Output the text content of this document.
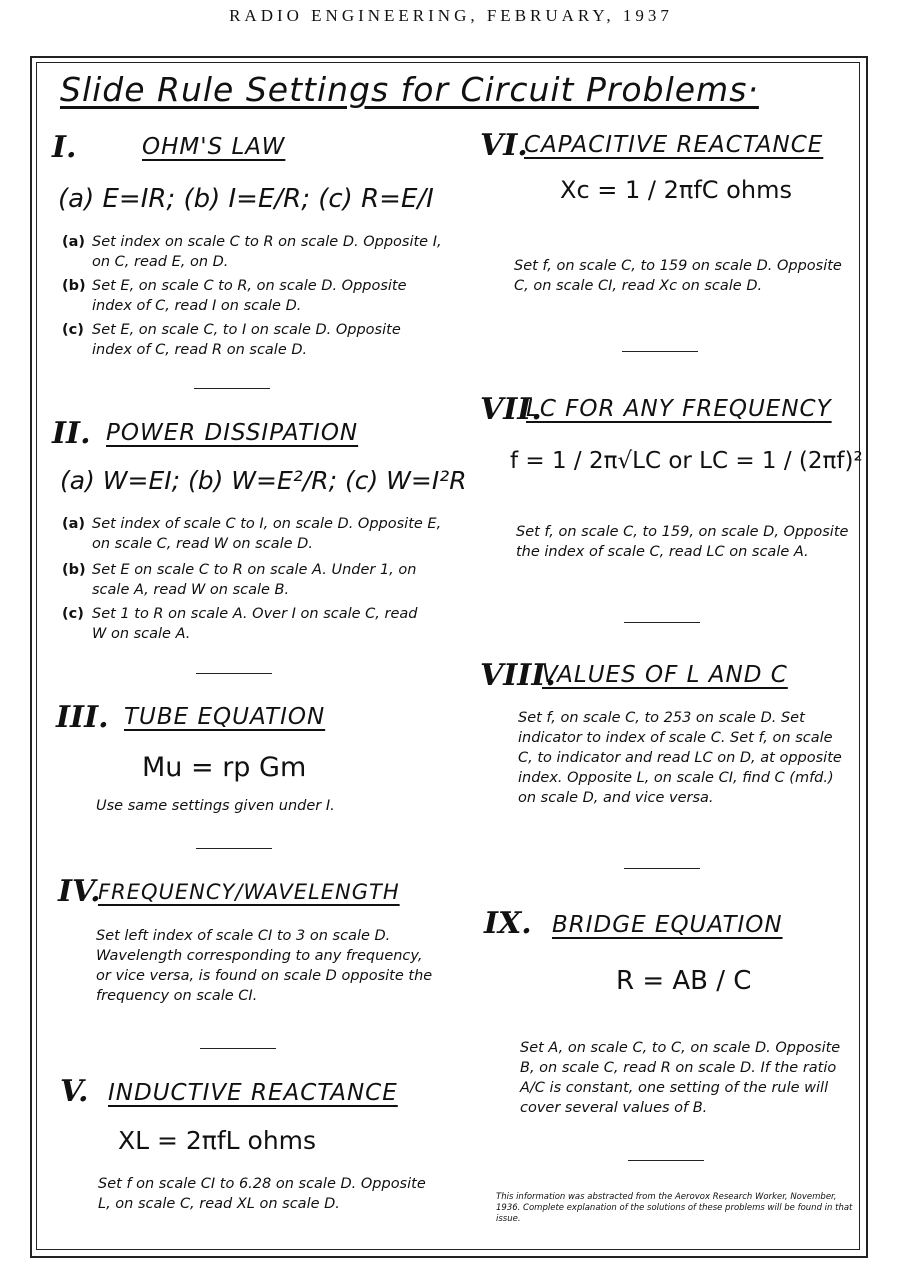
RADIO ENGINEERING, FEBRUARY, 1937
Slide Rule Settings for Circuit Problems·
I.	OHM'S LAW
(a) E=IR; (b) I=E/R; (c) R=E/I
(a) Set index on scale C to R on scale D. Opposite I, on C, read E, on D.
(b) Set E, on scale C to R, on scale D. Opposite index of C, read I on scale D.
(c) Set E, on scale C, to I on scale D. Opposite index of C, read R on scale D.
II. POWER DISSIPATION
(a) W=EI; (b) W=E²/R; (c) W=I²R
(a) Set index of scale C to I, on scale D. Opposite E, on scale C, read W on scale D.
(b) Set E on scale C to R on scale A. Under 1, on scale A, read W on scale B.
(c) Set 1 to R on scale A. Over I on scale C, read W on scale A.
III. TUBE EQUATION
Mu = rp Gm
Use same settings given under I.
IV.
FREQUENCY/WAVELENGTH
Set left index of scale CI to 3 on scale D. Wavelength corresponding to any frequency, or vice versa, is found on scale D opposite the frequency on scale CI.
V. INDUCTIVE REACTANCE
XL = 2πfL ohms
Set f on scale CI to 6.28 on scale D. Opposite L, on scale C, read XL on scale D.
VI.
CAPACITIVE REACTANCE
Xc = 1 / 2πfC ohms
Set f, on scale C, to 159 on scale D. Opposite C, on scale CI, read Xc on scale D.
VII.
LC FOR ANY FREQUENCY
f = 1 / 2π√LC or LC = 1 / (2πf)²
Set f, on scale C, to 159, on scale D, Opposite the index of scale C, read LC on scale A.
VIII.
VALUES OF L AND C
Set f, on scale C, to 253 on scale D. Set indicator to index of scale C. Set f, on scale C, to indicator and read LC on D, at opposite index. Opposite L, on scale CI, find C (mfd.) on scale D, and vice versa.
IX. BRIDGE EQUATION
R = AB / C
Set A, on scale C, to C, on scale D. Opposite B, on scale C, read R on scale D. If the ratio A/C is constant, one setting of the rule will cover several values of B.
This information was abstracted from the Aerovox Research Worker, November, 1936. Complete explanation of the solutions of these problems will be found in that issue.
